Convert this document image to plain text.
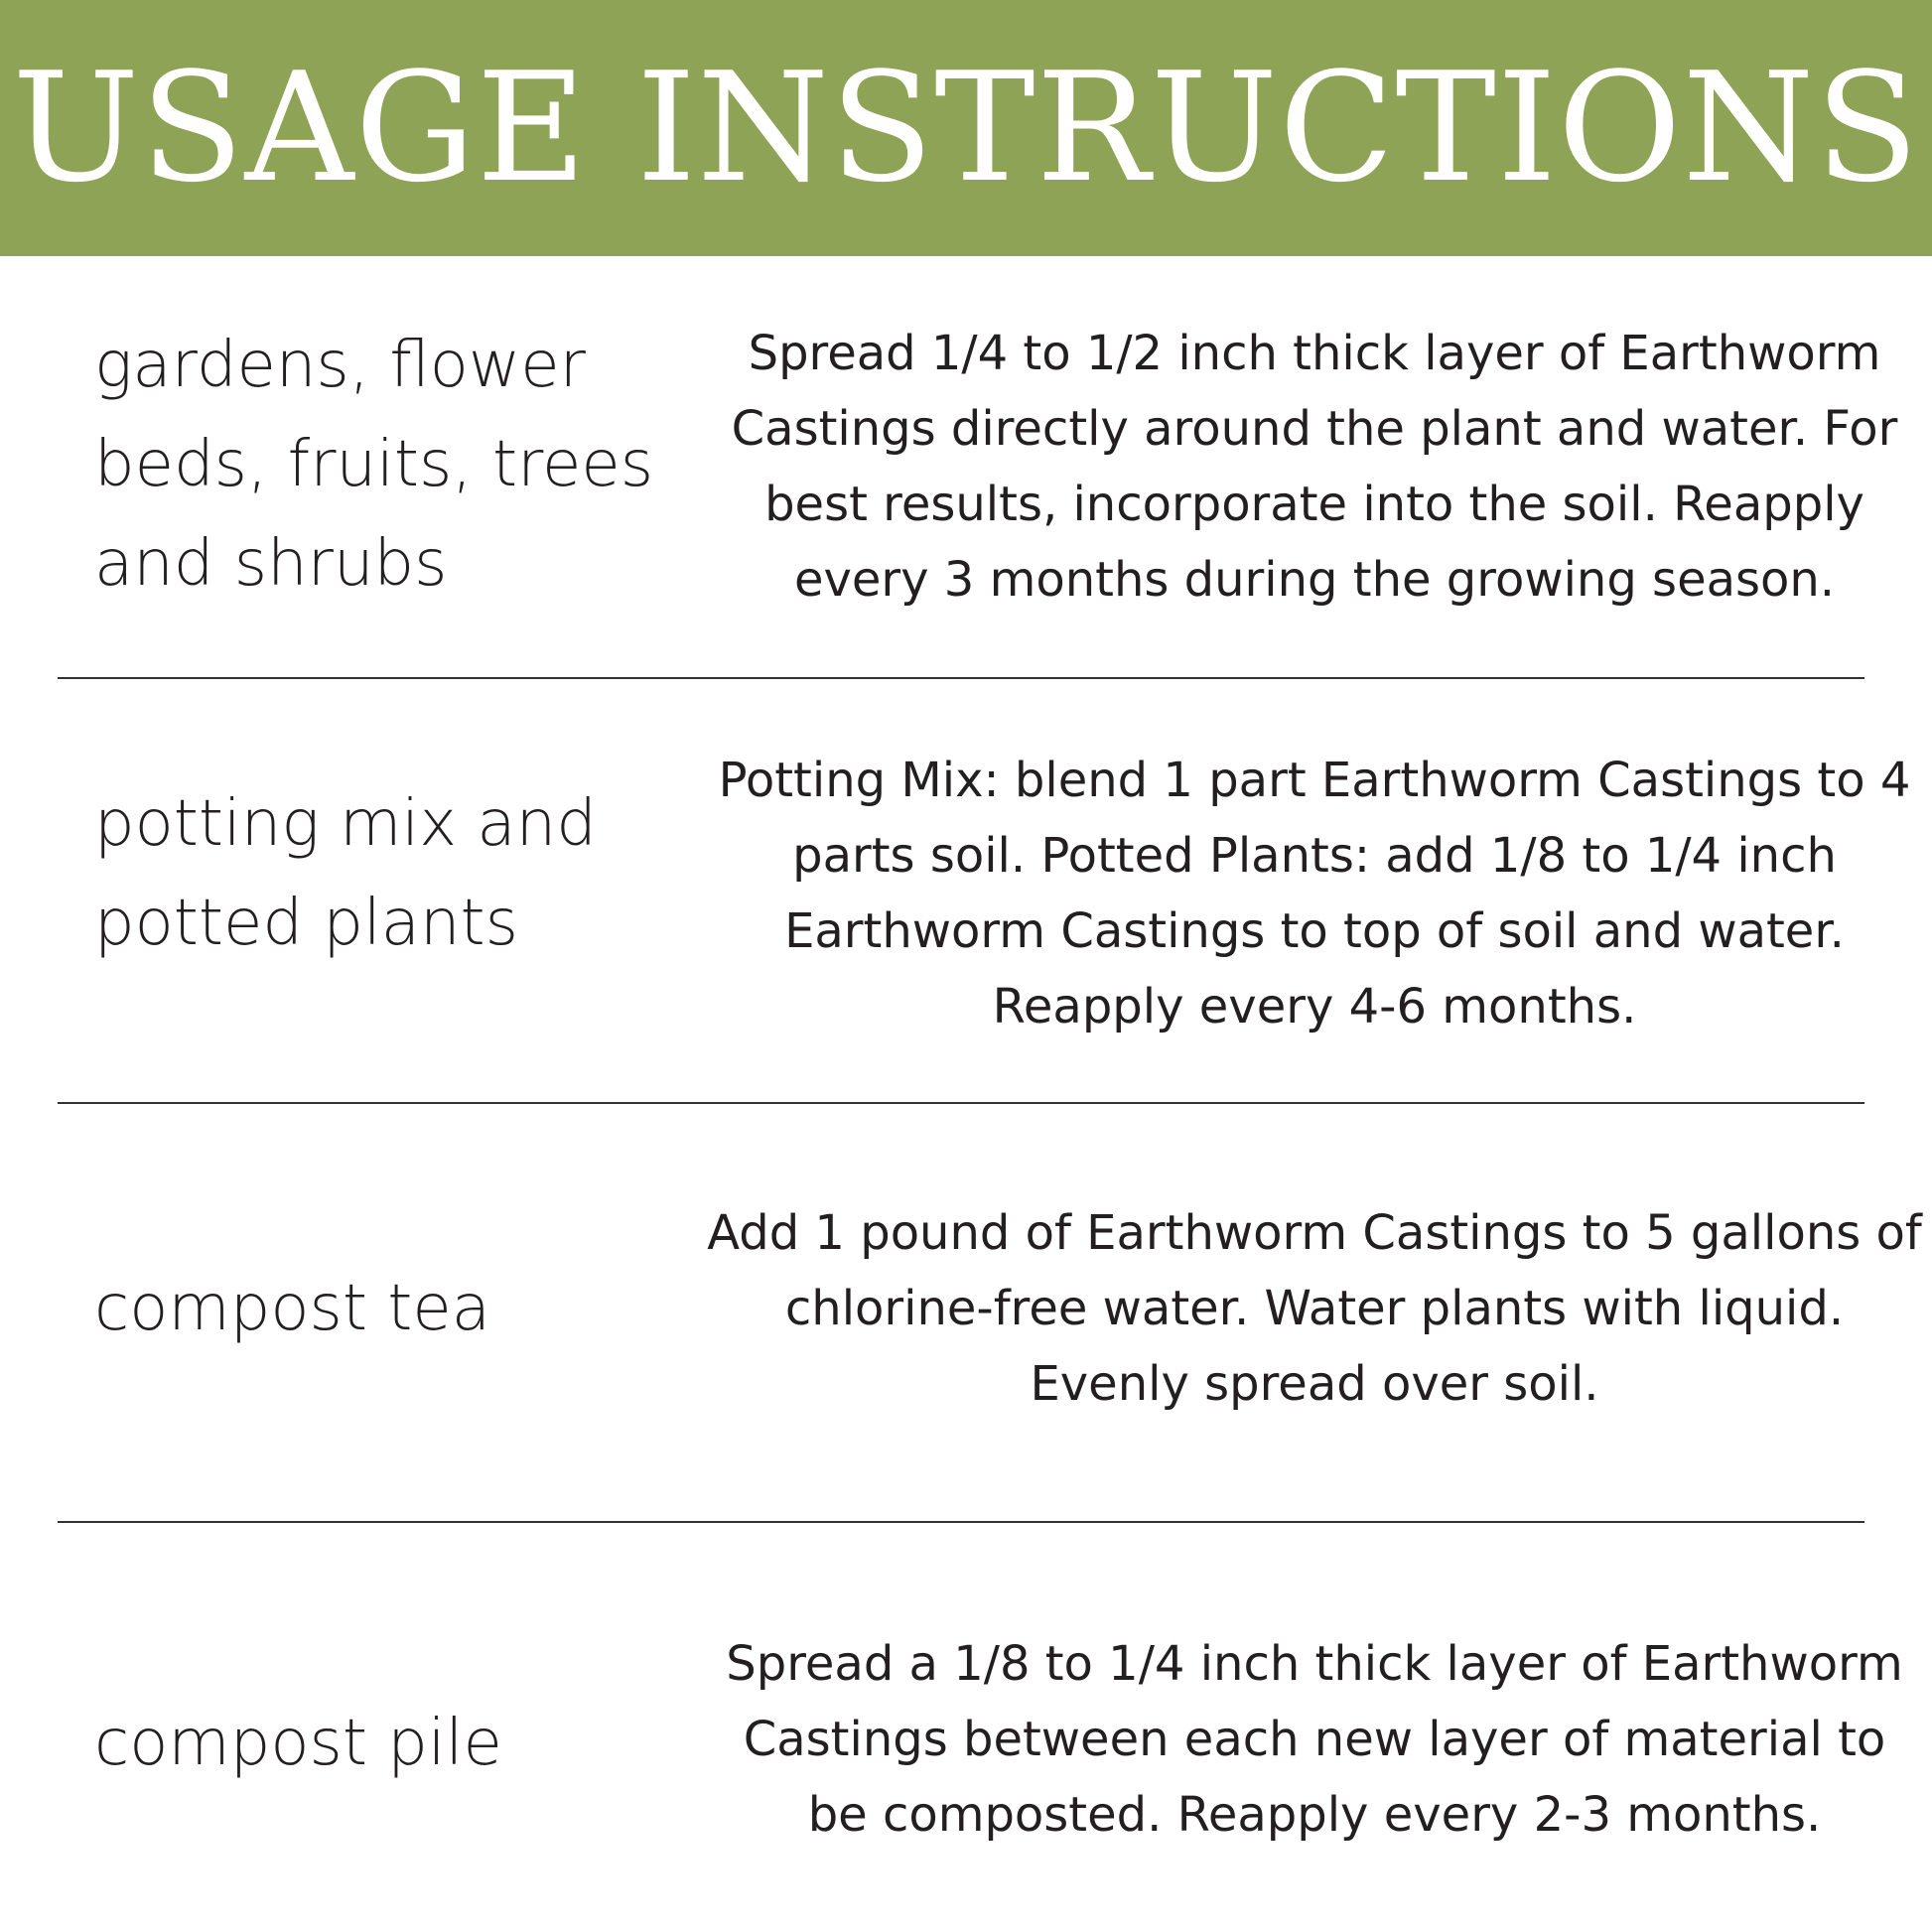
USAGE INSTRUCTIONS
gardens, flower beds, fruits, trees and shrubs
Spread 1/4 to 1/2 inch thick layer of Earthworm Castings directly around the plant and water. For best results, incorporate into the soil. Reapply every 3 months during the growing season.
potting mix and potted plants
Potting Mix: blend 1 part Earthworm Castings to 4 parts soil. Potted Plants: add 1/8 to 1/4 inch Earthworm Castings to top of soil and water. Reapply every 4-6 months.
compost tea
Add 1 pound of Earthworm Castings to 5 gallons of chlorine-free water. Water plants with liquid. Evenly spread over soil.
compost pile
Spread a 1/8 to 1/4 inch thick layer of Earthworm Castings between each new layer of material to be composted. Reapply every 2-3 months.
